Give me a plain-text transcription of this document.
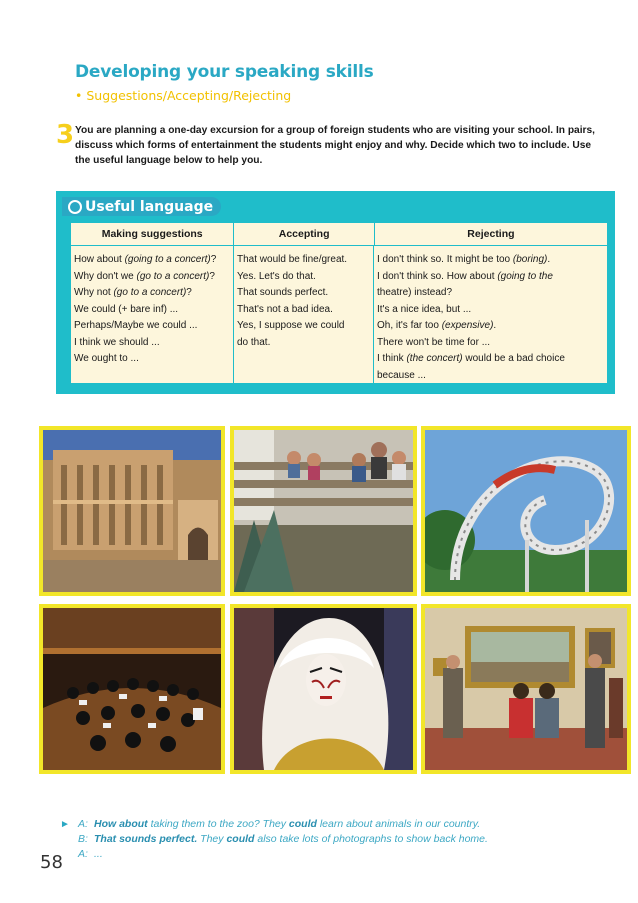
Developing your speaking skills
• Suggestions/Accepting/Rejecting
3 You are planning a one-day excursion for a group of foreign students who are visiting your school. In pairs, discuss which forms of entertainment the students might enjoy and why. Decide which two to include. Use the useful language below to help you.
Useful language
Making suggestions	Accepting	Rejecting
How about (going to a concert)?
Why don't we (go to a concert)?
Why not (go to a concert)?
We could (+ bare inf) ...
Perhaps/Maybe we could ...
I think we should ...
We ought to ...
That would be fine/great.
Yes. Let's do that.
That sounds perfect.
That's not a bad idea.
Yes, I suppose we could
do that.
I don't think so. It might be too (boring).
I don't think so. How about (going to the
theatre) instead?
It's a nice idea, but ...
Oh, it's far too (expensive).
There won't be time for ...
I think (the concert) would be a bad choice
because ...
► A: How about taking them to the zoo? They could learn about animals in our country.
B: That sounds perfect. They could also take lots of photographs to show back home.
A: ...
58
